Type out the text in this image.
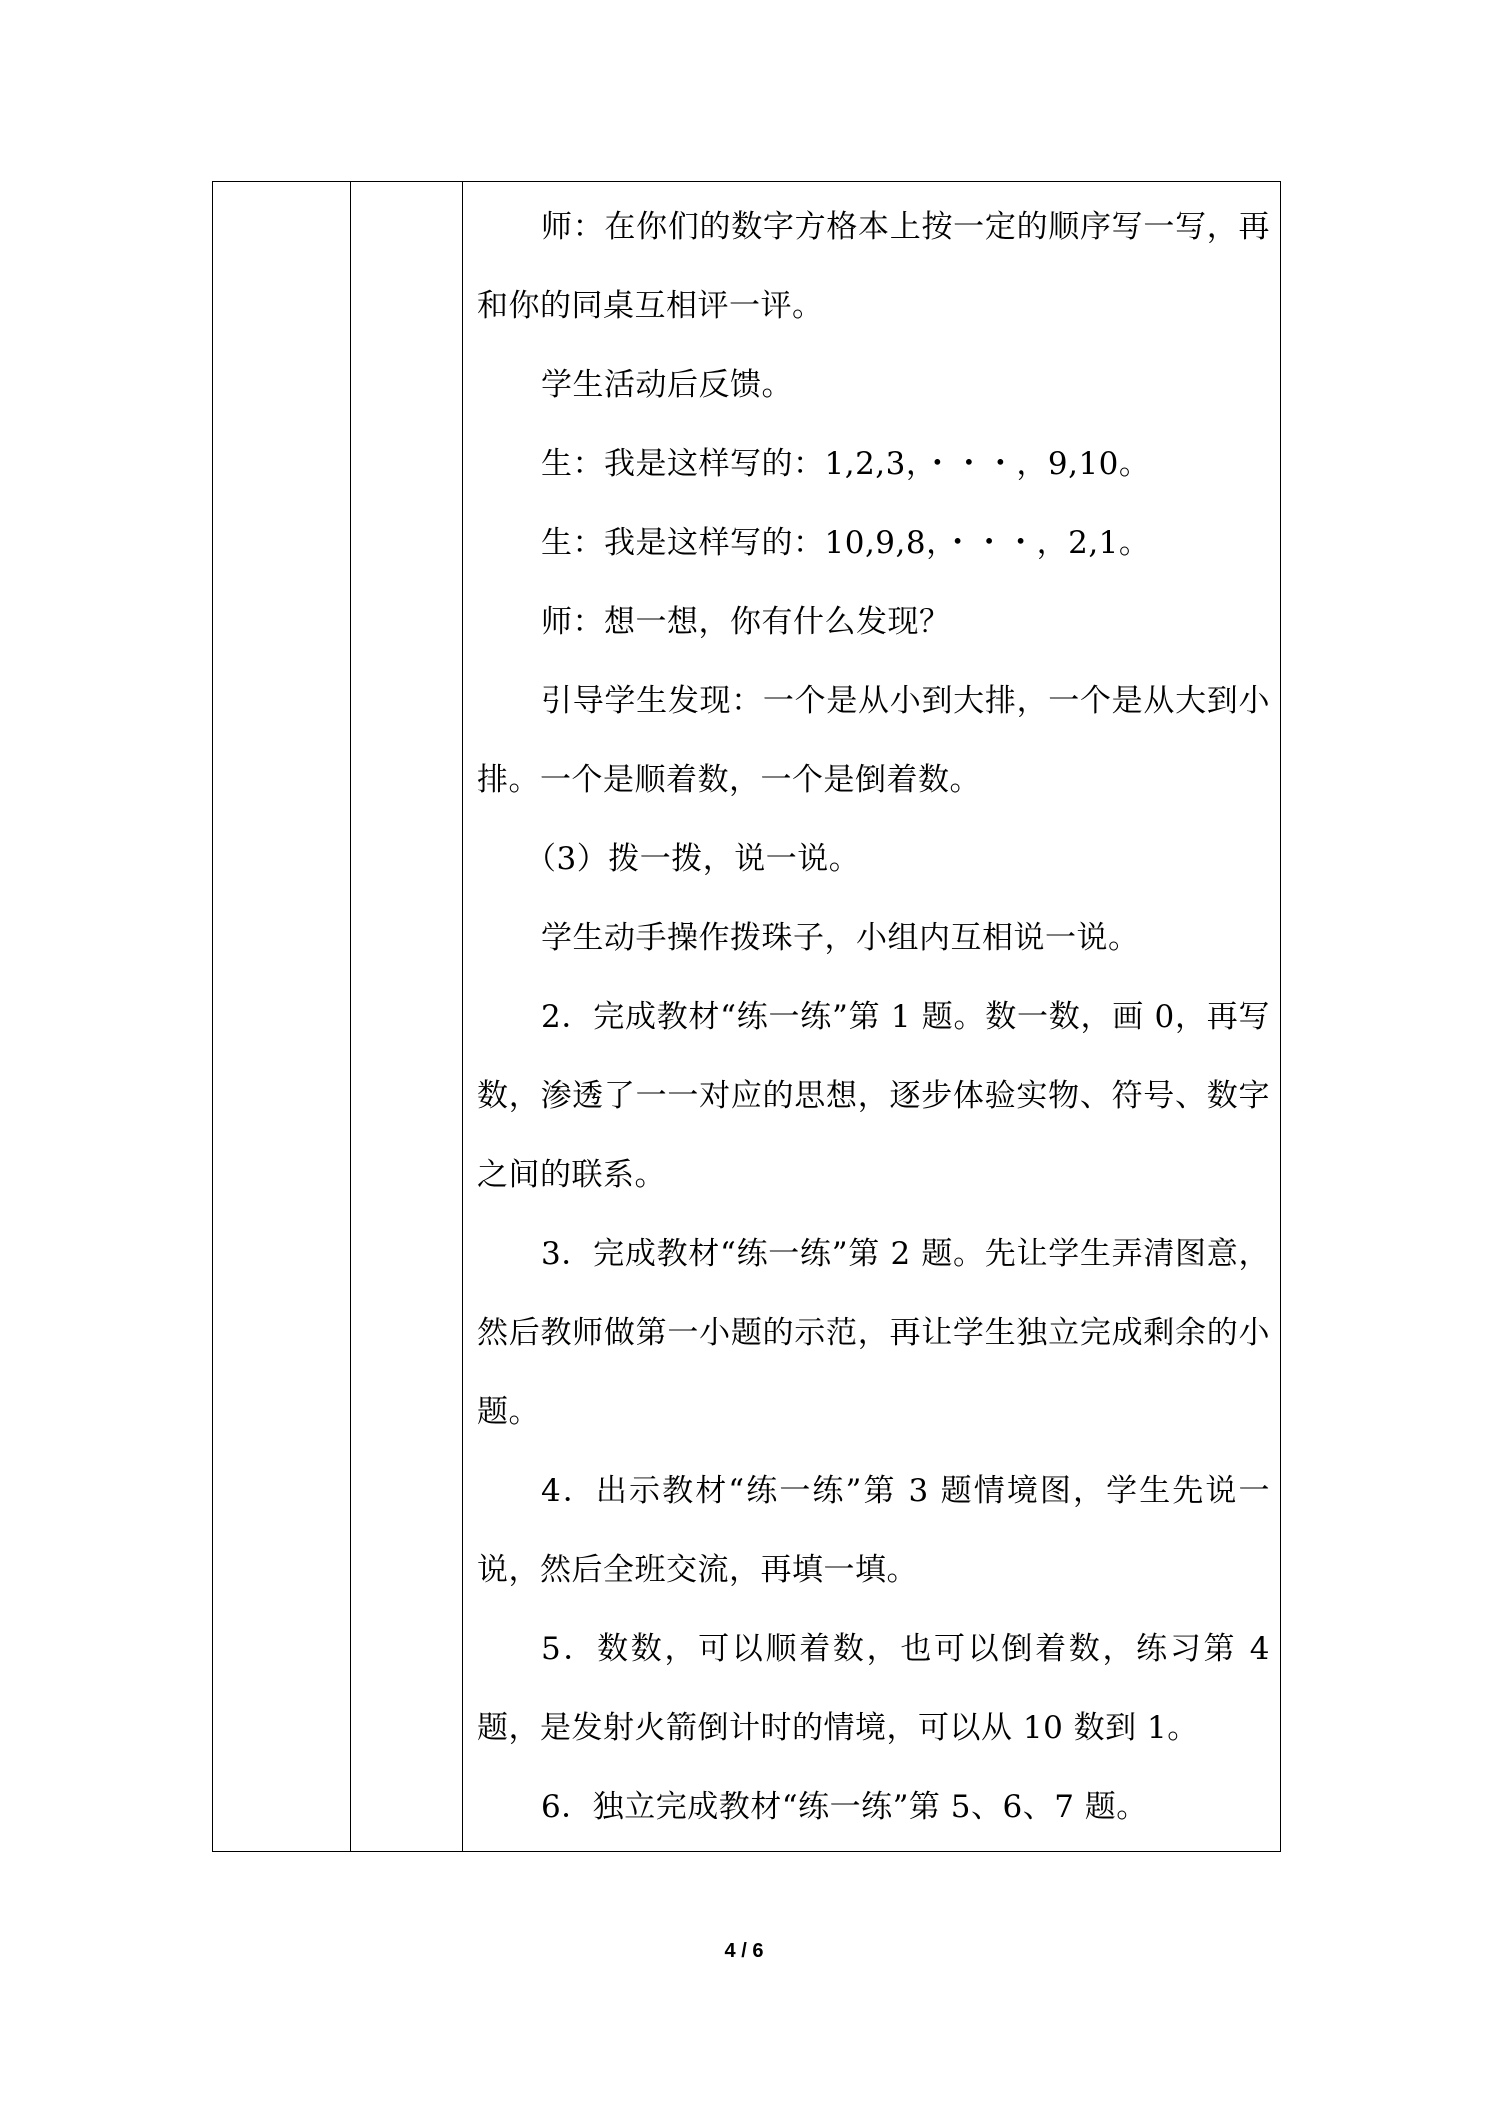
师：在你们的数字方格本上按一定的顺序写一写，再和你的同桌互相评一评。

学生活动后反馈。

生：我是这样写的：1,2,3，・・・，9,10。

生：我是这样写的：10,9,8，・・・，2,1。

师：想一想，你有什么发现？

引导学生发现：一个是从小到大排，一个是从大到小排。一个是顺着数，一个是倒着数。

（3）拨一拨，说一说。

学生动手操作拨珠子，小组内互相说一说。

2．完成教材“练一练”第 1 题。数一数，画 0，再写数，渗透了一一对应的思想，逐步体验实物、符号、数字之间的联系。

3．完成教材“练一练”第 2 题。先让学生弄清图意，然后教师做第一小题的示范，再让学生独立完成剩余的小题。

4．出示教材“练一练”第 3 题情境图，学生先说一说，然后全班交流，再填一填。

5．数数，可以顺着数，也可以倒着数，练习第 4 题，是发射火箭倒计时的情境，可以从 10 数到 1。

6．独立完成教材“练一练”第 5、6、7 题。

4 / 6
